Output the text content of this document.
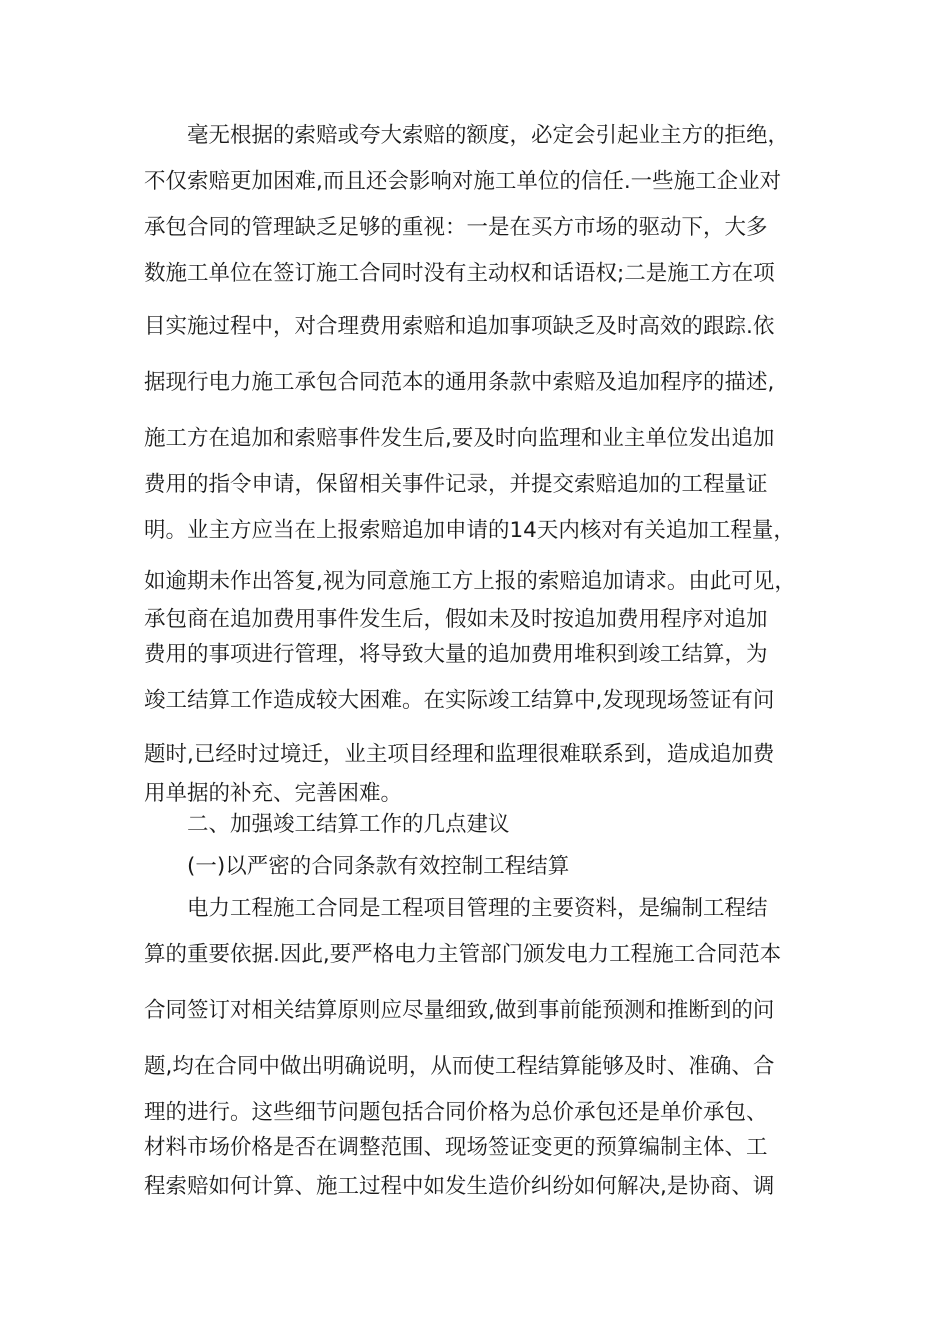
　　毫无根据的索赔或夸大索赔的额度，必定会引起业主方的拒绝，
不仅索赔更加困难,而且还会影响对施工单位的信任.一些施工企业对
承包合同的管理缺乏足够的重视：一是在买方市场的驱动下，大多
数施工单位在签订施工合同时没有主动权和话语权;二是施工方在项
目实施过程中，对合理费用索赔和追加事项缺乏及时高效的跟踪.依
据现行电力施工承包合同范本的通用条款中索赔及追加程序的描述,
施工方在追加和索赔事件发生后,要及时向监理和业主单位发出追加
费用的指令申请，保留相关事件记录，并提交索赔追加的工程量证
明。业主方应当在上报索赔追加申请的14天内核对有关追加工程量，
如逾期未作出答复,视为同意施工方上报的索赔追加请求。由此可见，
承包商在追加费用事件发生后，假如未及时按追加费用程序对追加
费用的事项进行管理，将导致大量的追加费用堆积到竣工结算，为
竣工结算工作造成较大困难。在实际竣工结算中,发现现场签证有问
题时,已经时过境迁，业主项目经理和监理很难联系到，造成追加费
用单据的补充、完善困难。
　　二、加强竣工结算工作的几点建议
　　(一)以严密的合同条款有效控制工程结算
　　电力工程施工合同是工程项目管理的主要资料，是编制工程结
算的重要依据.因此,要严格电力主管部门颁发电力工程施工合同范本
合同签订对相关结算原则应尽量细致,做到事前能预测和推断到的问
题,均在合同中做出明确说明，从而使工程结算能够及时、准确、合
理的进行。这些细节问题包括合同价格为总价承包还是单价承包、
材料市场价格是否在调整范围、现场签证变更的预算编制主体、工
程索赔如何计算、施工过程中如发生造价纠纷如何解决,是协商、调
